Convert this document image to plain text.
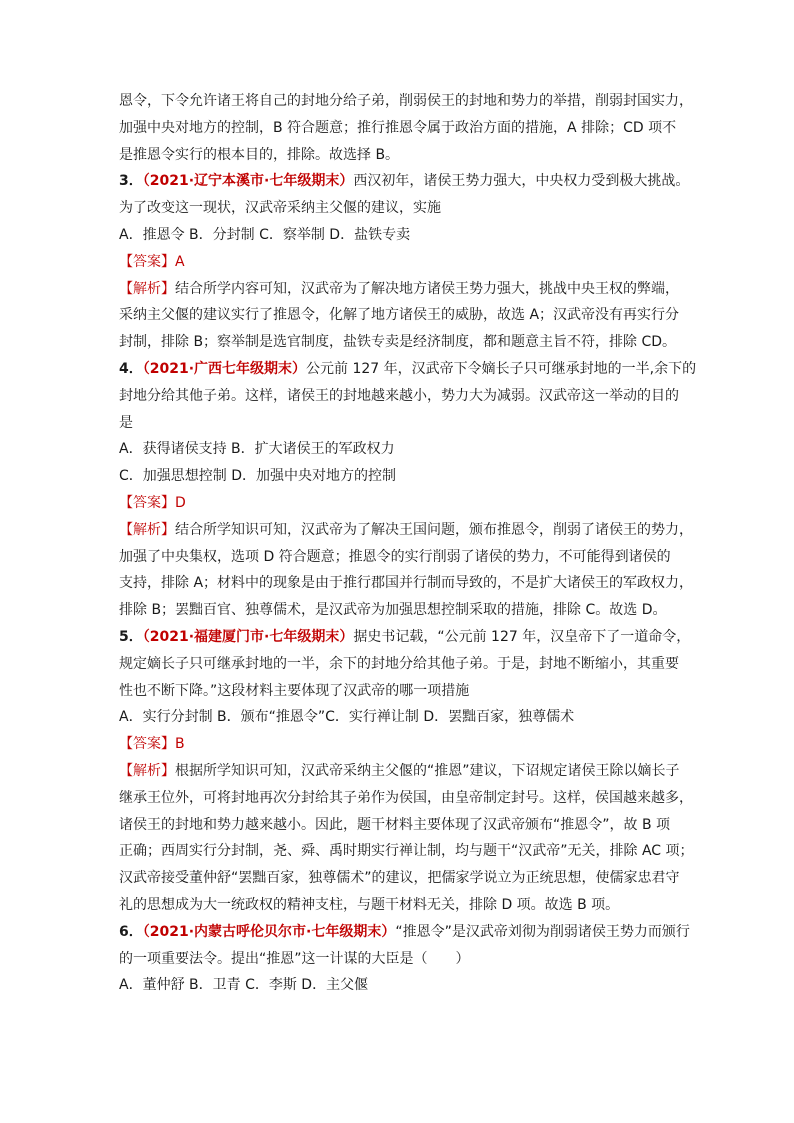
恩令，下令允许诸王将自己的封地分给子弟，削弱侯王的封地和势力的举措，削弱封国实力，
加强中央对地方的控制，B 符合题意；推行推恩令属于政治方面的措施，A 排除；CD 项不
是推恩令实行的根本目的，排除。故选择 B。
3．（2021·辽宁本溪市·七年级期末）西汉初年，诸侯王势力强大，中央权力受到极大挑战。
为了改变这一现状，汉武帝采纳主父偃的建议，实施
A．推恩令 B．分封制 C．察举制 D．盐铁专卖
【答案】A
【解析】结合所学内容可知，汉武帝为了解决地方诸侯王势力强大，挑战中央王权的弊端，
采纳主父偃的建议实行了推恩令，化解了地方诸侯王的威胁，故选 A；汉武帝没有再实行分
封制，排除 B；察举制是选官制度，盐铁专卖是经济制度，都和题意主旨不符，排除 CD。
4．（2021·广西七年级期末）公元前 127 年，汉武帝下令嫡长子只可继承封地的一半,余下的
封地分给其他子弟。这样，诸侯王的封地越来越小，势力大为减弱。汉武帝这一举动的目的
是
A．获得诸侯支持 B．扩大诸侯王的军政权力
C．加强思想控制 D．加强中央对地方的控制
【答案】D
【解析】结合所学知识可知，汉武帝为了解决王国问题，颁布推恩令，削弱了诸侯王的势力，
加强了中央集权，选项 D 符合题意；推恩令的实行削弱了诸侯的势力，不可能得到诸侯的
支持，排除 A；材料中的现象是由于推行郡国并行制而导致的，不是扩大诸侯王的军政权力，
排除 B；罢黜百官、独尊儒术，是汉武帝为加强思想控制采取的措施，排除 C。故选 D。
5．（2021·福建厦门市·七年级期末）据史书记载，“公元前 127 年，汉皇帝下了一道命令，
规定嫡长子只可继承封地的一半，余下的封地分给其他子弟。于是，封地不断缩小，其重要
性也不断下降。”这段材料主要体现了汉武帝的哪一项措施
A．实行分封制 B．颁布“推恩令”C．实行禅让制 D．罢黜百家，独尊儒术
【答案】B
【解析】根据所学知识可知，汉武帝采纳主父偃的“推恩”建议，下诏规定诸侯王除以嫡长子
继承王位外，可将封地再次分封给其子弟作为侯国，由皇帝制定封号。这样，侯国越来越多，
诸侯王的封地和势力越来越小。因此，题干材料主要体现了汉武帝颁布“推恩令”，故 B 项
正确；西周实行分封制，尧、舜、禹时期实行禅让制，均与题干“汉武帝”无关，排除 AC 项；
汉武帝接受董仲舒“罢黜百家，独尊儒术”的建议，把儒家学说立为正统思想，使儒家忠君守
礼的思想成为大一统政权的精神支柱，与题干材料无关，排除 D 项。故选 B 项。
6．（2021·内蒙古呼伦贝尔市·七年级期末）“推恩令”是汉武帝刘彻为削弱诸侯王势力而颁行
的一项重要法令。提出“推恩”这一计谋的大臣是（　　）
A．董仲舒 B．卫青 C．李斯 D．主父偃
